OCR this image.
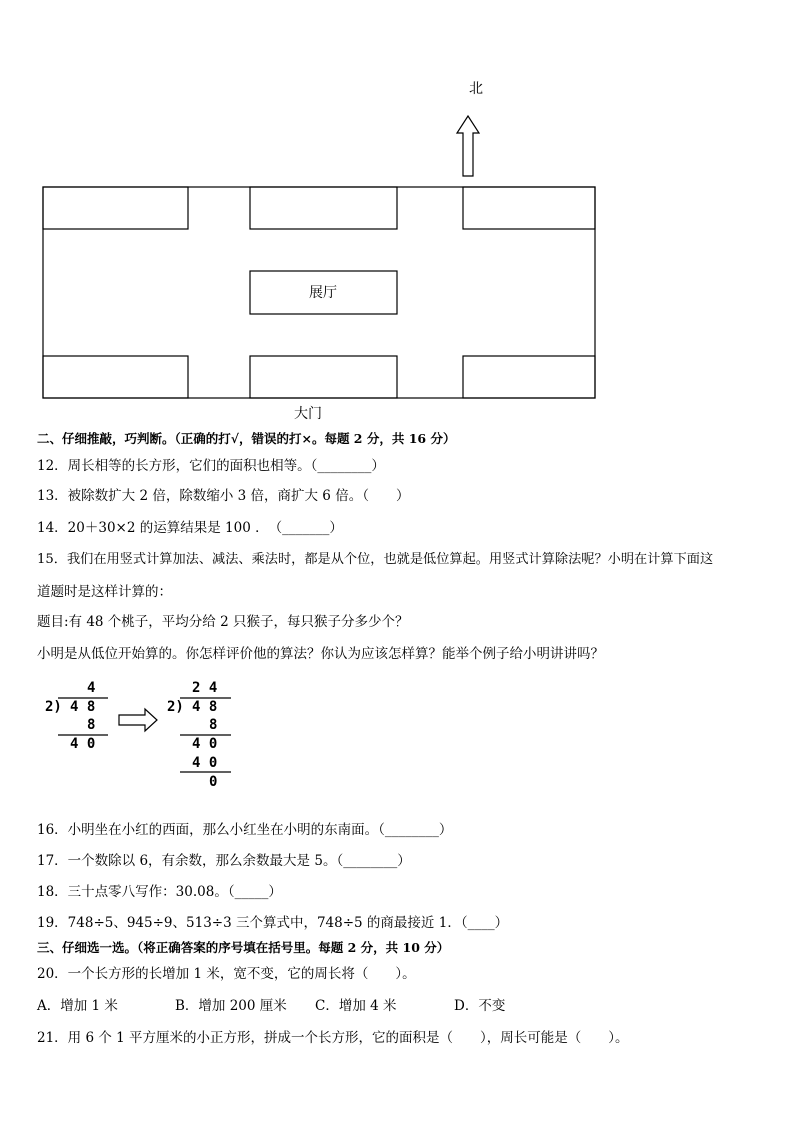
北
展厅
大门
二、仔细推敲，巧判断。（正确的打√，错误的打×。每题 2 分，共 16 分）
12．周长相等的长方形，它们的面积也相等。（________）
13．被除数扩大 2 倍，除数缩小 3 倍，商扩大 6 倍。（　　）
14．20＋30×2 的运算结果是 100 ．　（_______）
15．我们在用竖式计算加法、减法、乘法时，都是从个位，也就是低位算起。用竖式计算除法呢？小明在计算下面这
道题时是这样计算的：
题目:有 48 个桃子，平均分给 2 只猴子，每只猴子分多少个？
小明是从低位开始算的。你怎样评价他的算法？你认为应该怎样算？能举个例子给小明讲讲吗？
4
2) 4 8
8
4 0
2 4
2) 4 8
8
4 0
4 0
0
16．小明坐在小红的西面，那么小红坐在小明的东南面。（________）
17．一个数除以 6，有余数，那么余数最大是 5。（________）
18．三十点零八写作：30.08。（_____）
19．748÷5、945÷9、513÷3 三个算式中，748÷5 的商最接近 1．（____）
三、仔细选一选。（将正确答案的序号填在括号里。每题 2 分，共 10 分）
20．一个长方形的长增加 1 米，宽不变，它的周长将（　　）。
A．增加 1 米	B．增加 200 厘米 C．增加 4 米	D．不变
21．用 6 个 1 平方厘米的小正方形，拼成一个长方形，它的面积是（　　），周长可能是（　　）。
